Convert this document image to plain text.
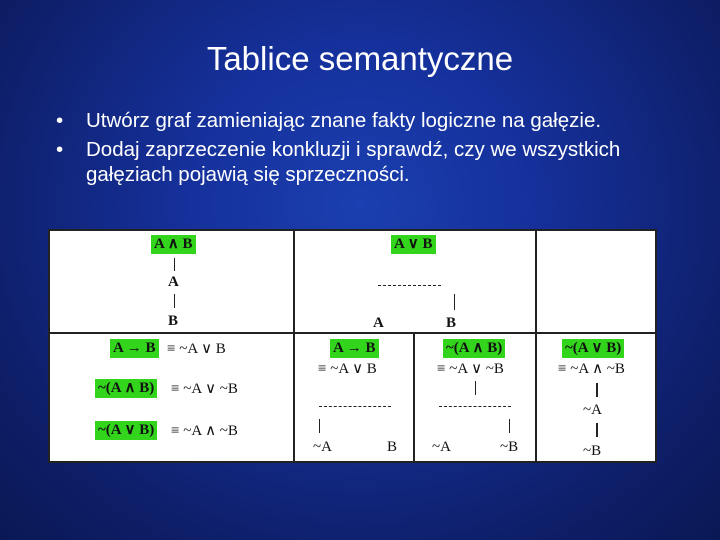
Tablice semantyczne
• Utwórz graf zamieniając znane fakty logiczne na gałęzie.
• Dodaj zaprzeczenie konkluzji i sprawdź, czy we wszystkich gałęziach pojawią się sprzeczności.
A ∧ B
A
B
A ∨ B
A	B
A → B ≡ ~A ∨ B
~(A ∧ B) ≡ ~A ∨ ~B
~(A ∨ B) ≡ ~A ∧ ~B
A → B
≡ ~A ∨ B
~A	B
~(A ∧ B)
≡ ~A ∨ ~B
~A	~B
~(A ∨ B)
≡ ~A ∧ ~B
~A
~B
